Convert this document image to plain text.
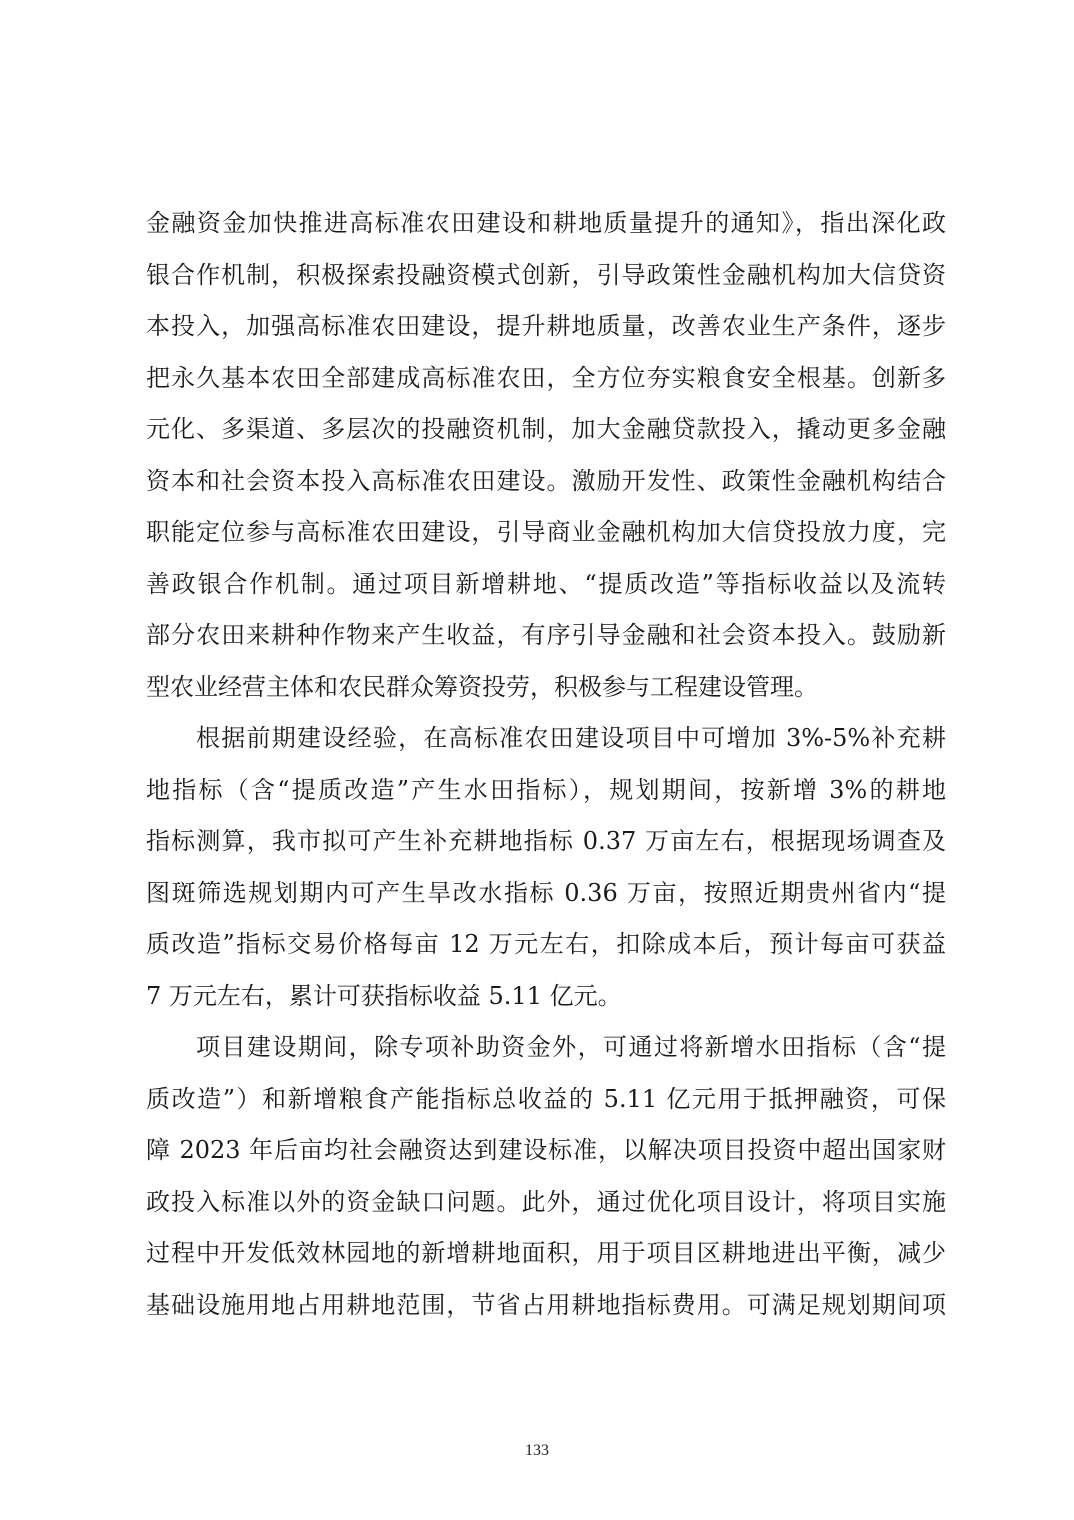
金融资金加快推进高标准农田建设和耕地质量提升的通知》，指出深化政
银合作机制，积极探索投融资模式创新，引导政策性金融机构加大信贷资
本投入，加强高标准农田建设，提升耕地质量，改善农业生产条件，逐步
把永久基本农田全部建成高标准农田，全方位夯实粮食安全根基。创新多
元化、多渠道、多层次的投融资机制，加大金融贷款投入，撬动更多金融
资本和社会资本投入高标准农田建设。激励开发性、政策性金融机构结合
职能定位参与高标准农田建设，引导商业金融机构加大信贷投放力度，完
善政银合作机制。通过项目新增耕地、“提质改造”等指标收益以及流转
部分农田来耕种作物来产生收益，有序引导金融和社会资本投入。鼓励新
型农业经营主体和农民群众筹资投劳，积极参与工程建设管理。
根据前期建设经验，在高标准农田建设项目中可增加 3%-5%补充耕
地指标（含“提质改造”产生水田指标），规划期间，按新增 3%的耕地
指标测算，我市拟可产生补充耕地指标 0.37 万亩左右，根据现场调查及
图斑筛选规划期内可产生旱改水指标 0.36 万亩，按照近期贵州省内“提
质改造”指标交易价格每亩 12 万元左右，扣除成本后，预计每亩可获益
7 万元左右，累计可获指标收益 5.11 亿元。
项目建设期间，除专项补助资金外，可通过将新增水田指标（含“提
质改造”）和新增粮食产能指标总收益的 5.11 亿元用于抵押融资，可保
障 2023 年后亩均社会融资达到建设标准，以解决项目投资中超出国家财
政投入标准以外的资金缺口问题。此外，通过优化项目设计，将项目实施
过程中开发低效林园地的新增耕地面积，用于项目区耕地进出平衡，减少
基础设施用地占用耕地范围，节省占用耕地指标费用。可满足规划期间项
133
